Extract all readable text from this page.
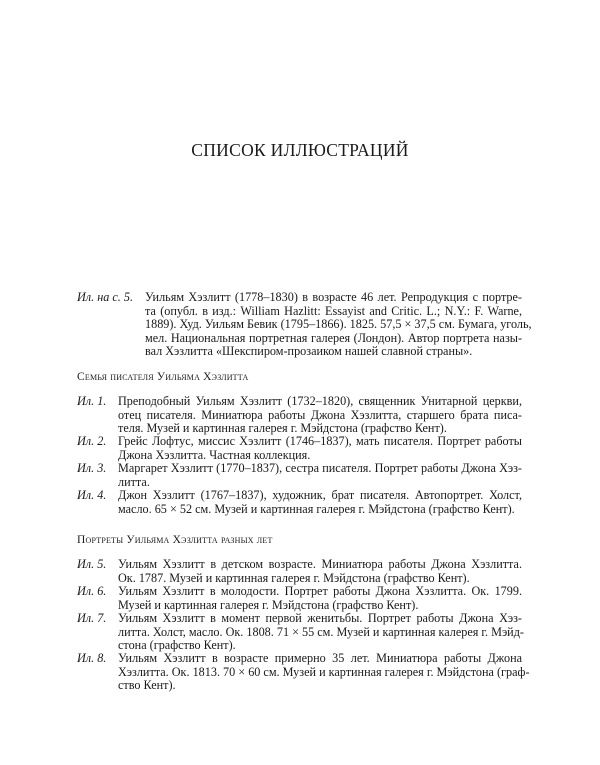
СПИСОК ИЛЛЮСТРАЦИЙ
Ил. на с. 5. Уильям Хэзлитт (1778–1830) в возрасте 46 лет. Репродукция с портре-
та (опубл. в изд.: William Hazlitt: Essayist and Critic. L.; N.Y.: F. Warne,
1889). Худ. Уильям Бевик (1795–1866). 1825. 57,5 × 37,5 см. Бумага, уголь,
мел. Национальная портретная галерея (Лондон). Автор портрета назы-
вал Хэзлитта «Шекспиром-прозаиком нашей славной страны».
Семья писателя Уильяма Хэзлитта
Ил. 1. Преподобный Уильям Хэзлитт (1732–1820), священник Унитарной церкви,
отец писателя. Миниатюра работы Джона Хэзлитта, старшего брата писа-
теля. Музей и картинная галерея г. Мэйдстона (графство Кент).
Ил. 2. Грейс Лофтус, миссис Хэзлитт (1746–1837), мать писателя. Портрет работы
Джона Хэзлитта. Частная коллекция.
Ил. 3. Маргарет Хэзлитт (1770–1837), сестра писателя. Портрет работы Джона Хэз-
литта.
Ил. 4. Джон Хэзлитт (1767–1837), художник, брат писателя. Автопортрет. Холст,
масло. 65 × 52 см. Музей и картинная галерея г. Мэйдстона (графство Кент).
Портреты Уильяма Хэзлитта разных лет
Ил. 5. Уильям Хэзлитт в детском возрасте. Миниатюра работы Джона Хэзлитта.
Ок. 1787. Музей и картинная галерея г. Мэйдстона (графство Кент).
Ил. 6. Уильям Хэзлитт в молодости. Портрет работы Джона Хэзлитта. Ок. 1799.
Музей и картинная галерея г. Мэйдстона (графство Кент).
Ил. 7. Уильям Хэзлитт в момент первой женитьбы. Портрет работы Джона Хэз-
литта. Холст, масло. Ок. 1808. 71 × 55 см. Музей и картинная калерея г. Мэйд-
стона (графство Кент).
Ил. 8. Уильям Хэзлитт в возрасте примерно 35 лет. Миниатюра работы Джона
Хэзлитта. Ок. 1813. 70 × 60 см. Музей и картинная галерея г. Мэйдстона (граф-
ство Кент).
